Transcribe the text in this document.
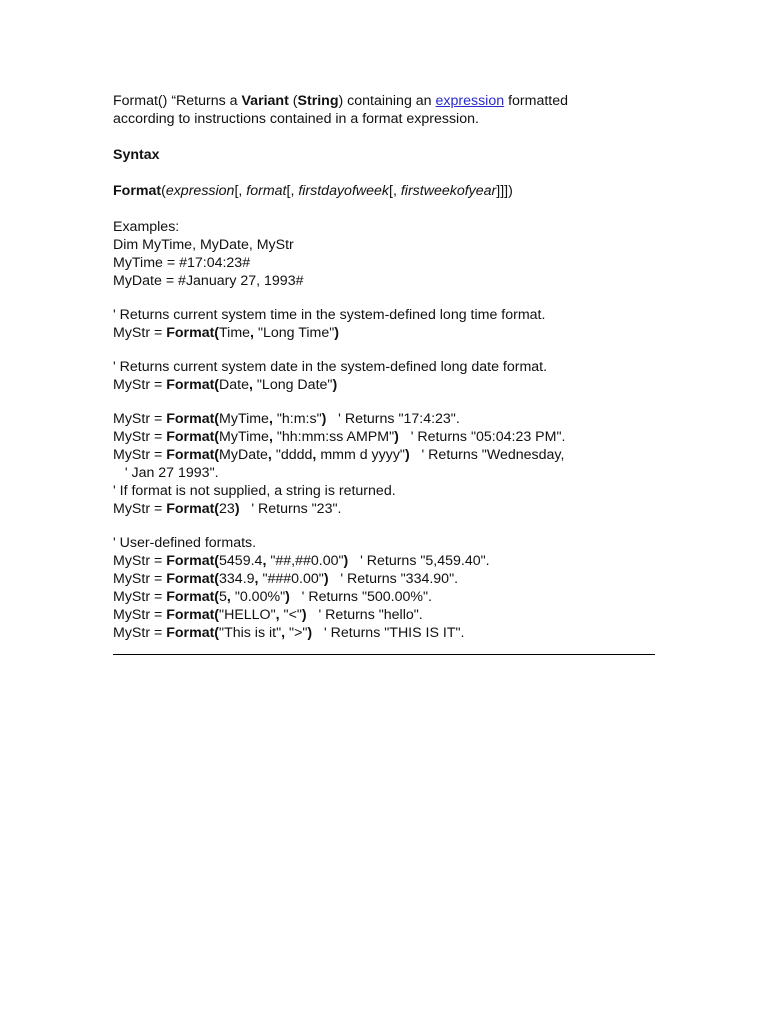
Format() “Returns a Variant (String) containing an expression formatted
according to instructions contained in a format expression.
Syntax
Format(expression[, format[, firstdayofweek[, firstweekofyear]]])
Examples:
Dim MyTime, MyDate, MyStr
MyTime = #17:04:23#
MyDate = #January 27, 1993#
' Returns current system time in the system-defined long time format.
MyStr = Format(Time, "Long Time")
' Returns current system date in the system-defined long date format.
MyStr = Format(Date, "Long Date")
MyStr = Format(MyTime, "h:m:s")   ' Returns "17:4:23".
MyStr = Format(MyTime, "hh:mm:ss AMPM")   ' Returns "05:04:23 PM".
MyStr = Format(MyDate, "dddd, mmm d yyyy")   ' Returns "Wednesday,
' Jan 27 1993".
' If format is not supplied, a string is returned.
MyStr = Format(23)   ' Returns "23".
' User-defined formats.
MyStr = Format(5459.4, "##,##0.00")   ' Returns "5,459.40".
MyStr = Format(334.9, "###0.00")   ' Returns "334.90".
MyStr = Format(5, "0.00%")   ' Returns "500.00%".
MyStr = Format("HELLO", "<")   ' Returns "hello".
MyStr = Format("This is it", ">")   ' Returns "THIS IS IT".
